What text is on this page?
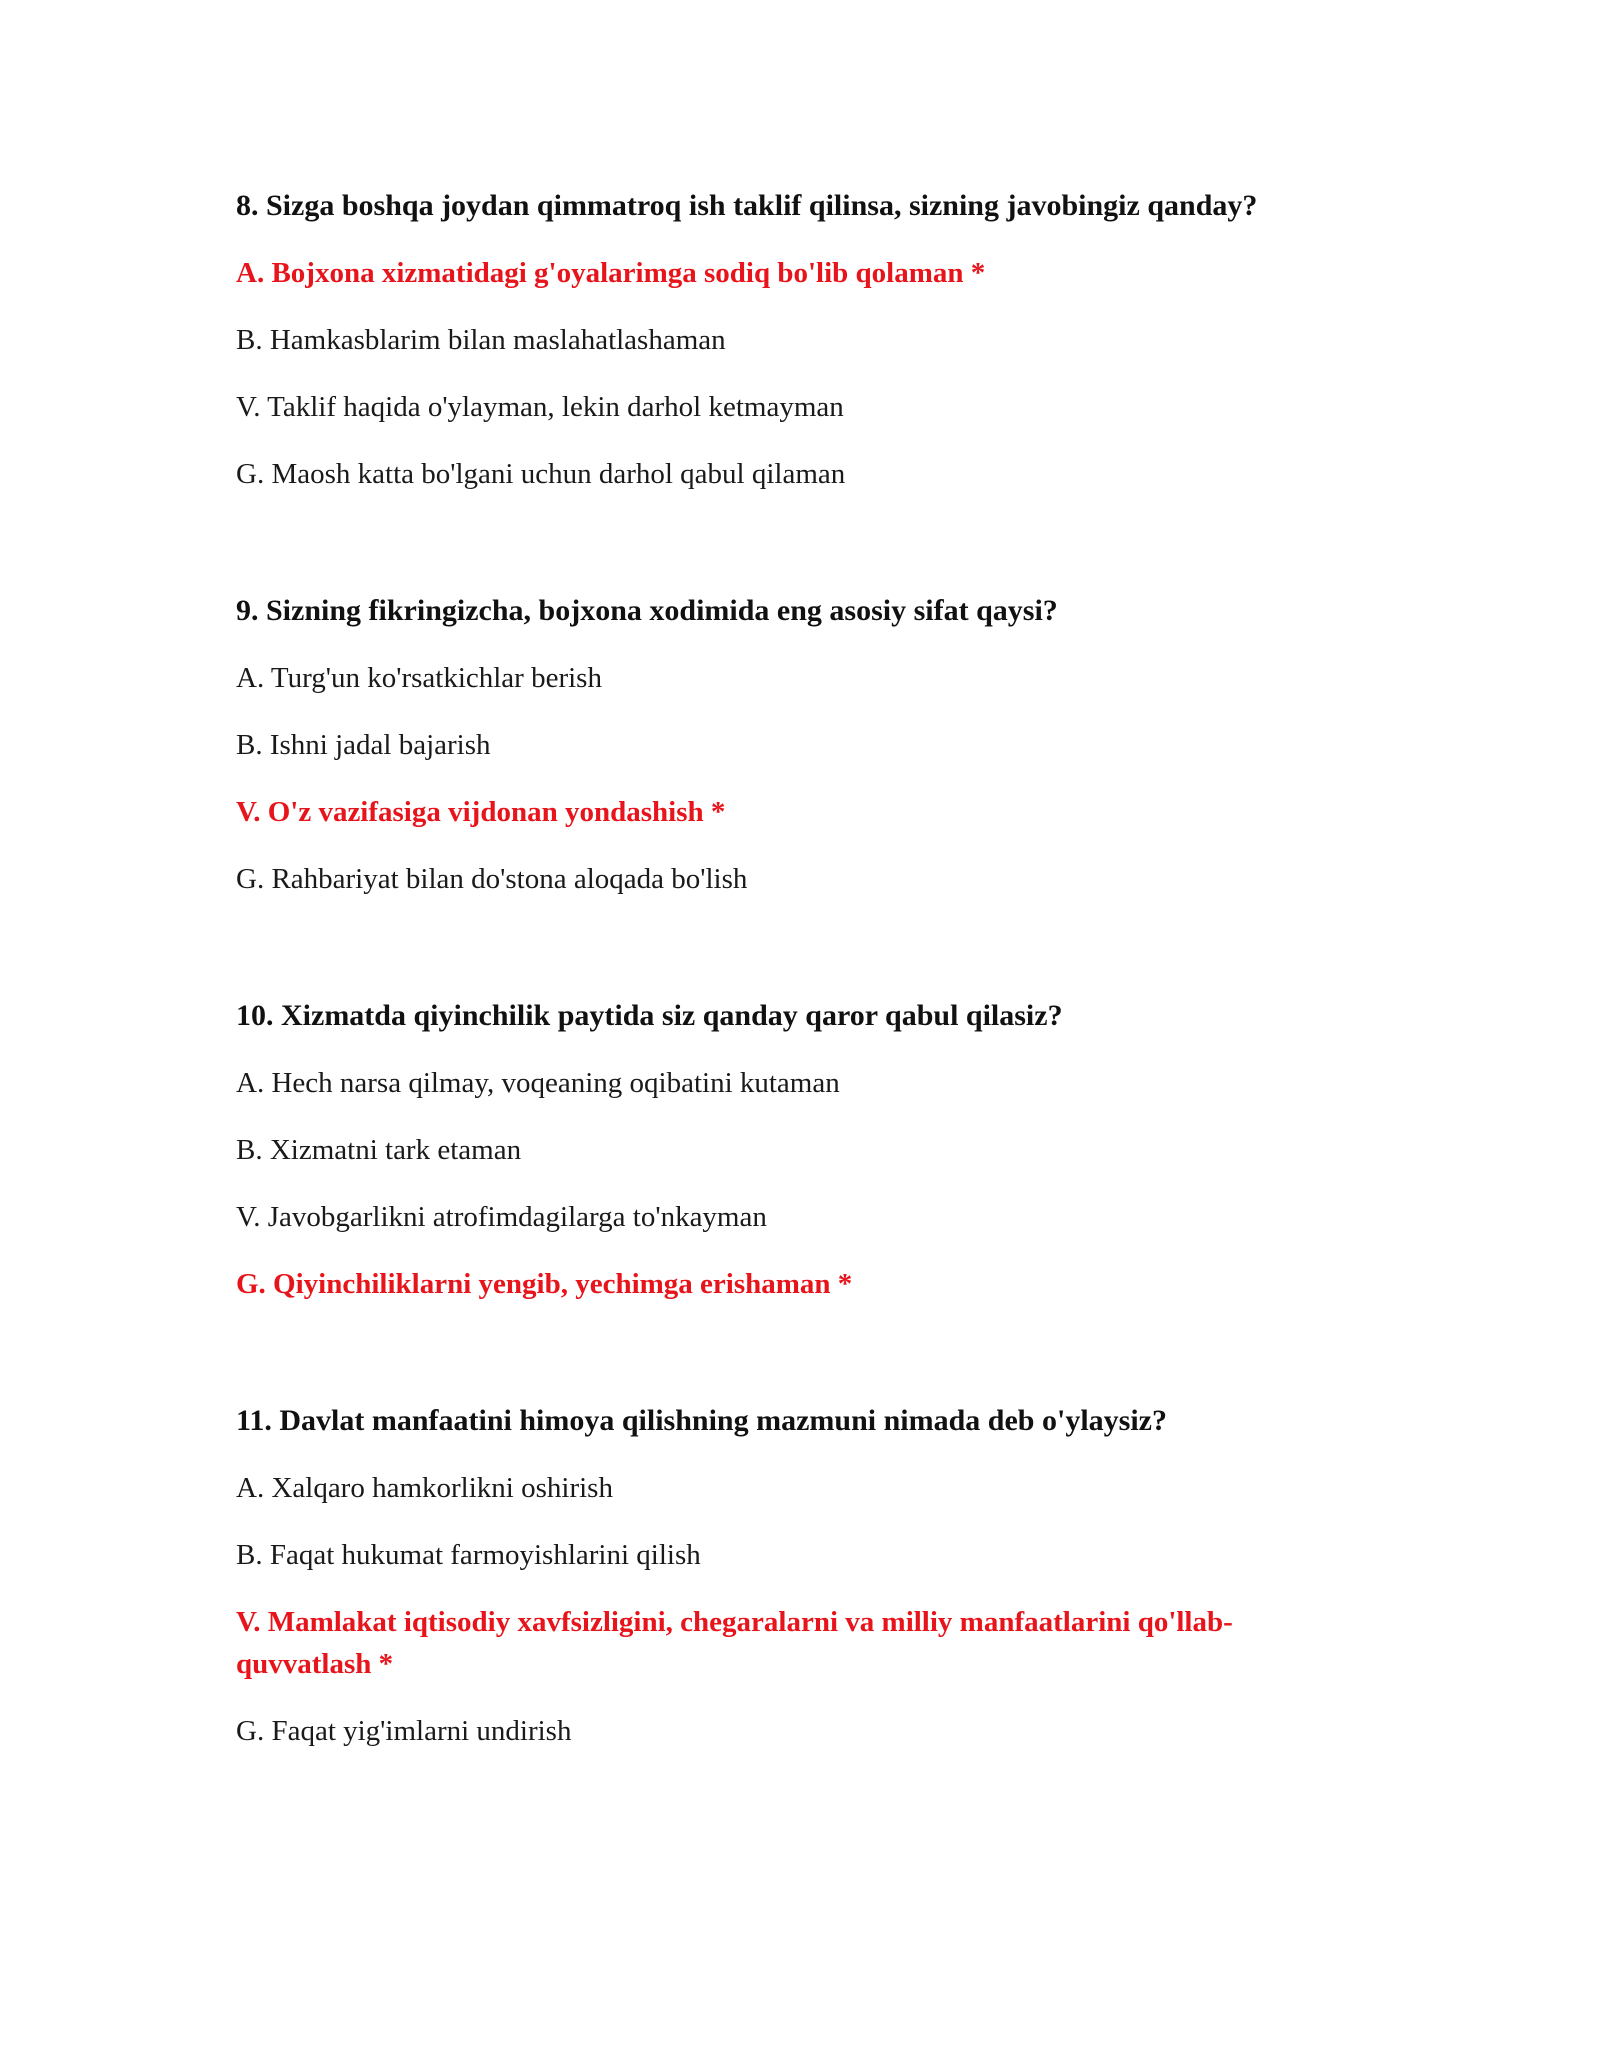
8. Sizga boshqa joydan qimmatroq ish taklif qilinsa, sizning javobingiz qanday?

A. Bojxona xizmatidagi g'oyalarimga sodiq bo'lib qolaman *

B. Hamkasblarim bilan maslahatlashaman

V. Taklif haqida o'ylayman, lekin darhol ketmayman

G. Maosh katta bo'lgani uchun darhol qabul qilaman

9. Sizning fikringizcha, bojxona xodimida eng asosiy sifat qaysi?

A. Turg'un ko'rsatkichlar berish

B. Ishni jadal bajarish

V. O'z vazifasiga vijdonan yondashish *

G. Rahbariyat bilan do'stona aloqada bo'lish

10. Xizmatda qiyinchilik paytida siz qanday qaror qabul qilasiz?

A. Hech narsa qilmay, voqeaning oqibatini kutaman

B. Xizmatni tark etaman

V. Javobgarlikni atrofimdagilarga to'nkayman

G. Qiyinchiliklarni yengib, yechimga erishaman *

11. Davlat manfaatini himoya qilishning mazmuni nimada deb o'ylaysiz?

A. Xalqaro hamkorlikni oshirish

B. Faqat hukumat farmoyishlarini qilish

V. Mamlakat iqtisodiy xavfsizligini, chegaralarni va milliy manfaatlarini qo'llab-quvvatlash *

G. Faqat yig'imlarni undirish
